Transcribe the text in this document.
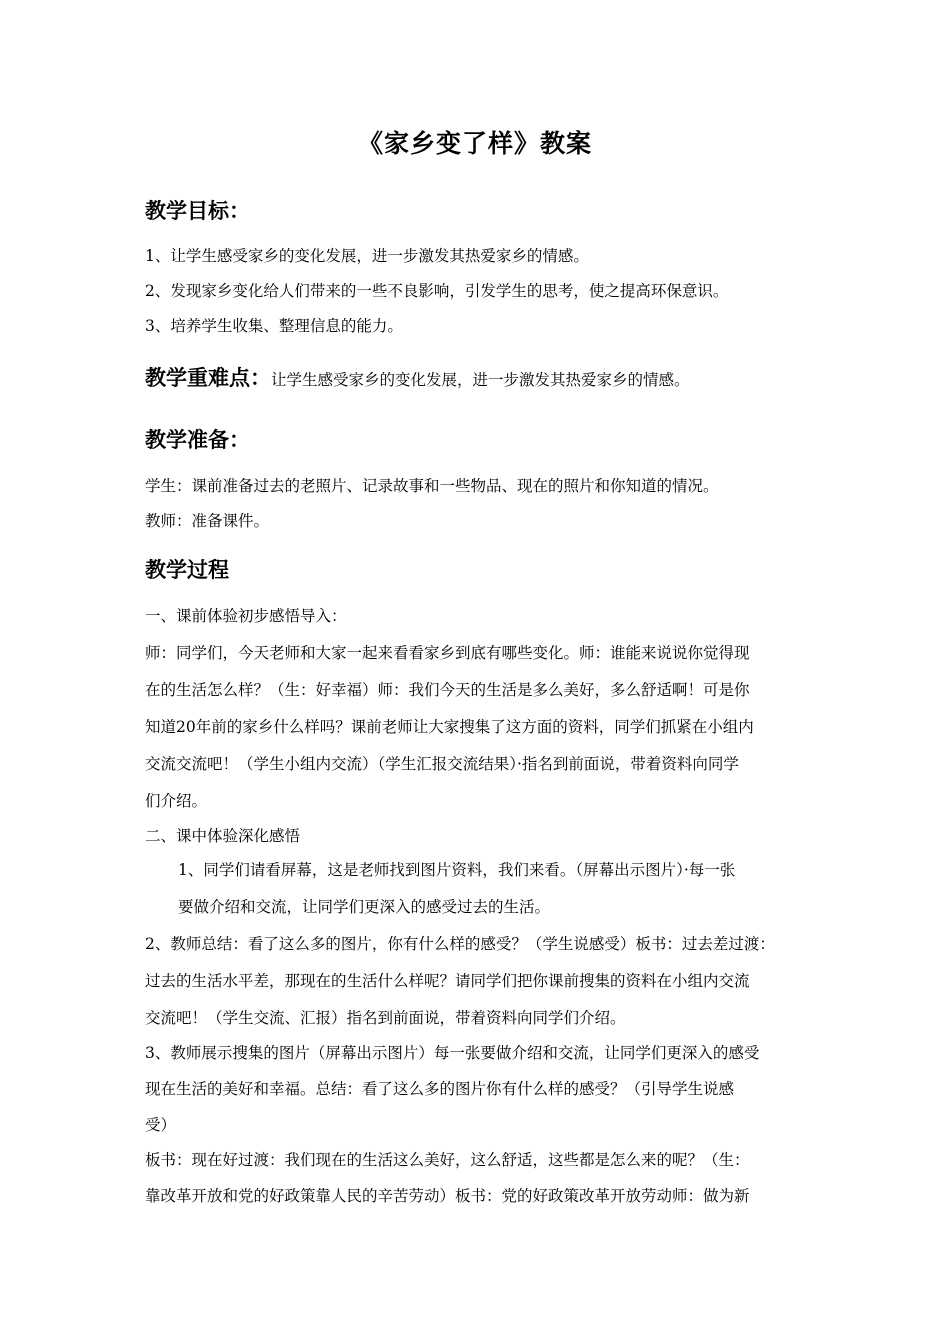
《家乡变了样》教案
教学目标：
1、让学生感受家乡的变化发展，进一步激发其热爱家乡的情感。
2、发现家乡变化给人们带来的一些不良影响，引发学生的思考，使之提高环保意识。
3、培养学生收集、整理信息的能力。
教学重难点：让学生感受家乡的变化发展，进一步激发其热爱家乡的情感。
教学准备：
学生：课前准备过去的老照片、记录故事和一些物品、现在的照片和你知道的情况。
教师：准备课件。
教学过程
一、课前体验初步感悟导入：
师：同学们，今天老师和大家一起来看看家乡到底有哪些变化。师：谁能来说说你觉得现
在的生活怎么样？（生：好幸福）师：我们今天的生活是多么美好，多么舒适啊！可是你
知道20年前的家乡什么样吗？课前老师让大家搜集了这方面的资料，同学们抓紧在小组内
交流交流吧！（学生小组内交流）（学生汇报交流结果）·指名到前面说，带着资料向同学
们介绍。
二、课中体验深化感悟
1、同学们请看屏幕，这是老师找到图片资料，我们来看。（屏幕出示图片）·每一张
要做介绍和交流，让同学们更深入的感受过去的生活。
2、教师总结：看了这么多的图片，你有什么样的感受？（学生说感受）板书：过去差过渡：
过去的生活水平差，那现在的生活什么样呢？请同学们把你课前搜集的资料在小组内交流
交流吧！（学生交流、汇报）指名到前面说，带着资料向同学们介绍。
3、教师展示搜集的图片（屏幕出示图片）每一张要做介绍和交流，让同学们更深入的感受
现在生活的美好和幸福。总结：看了这么多的图片你有什么样的感受？（引导学生说感
受）
板书：现在好过渡：我们现在的生活这么美好，这么舒适，这些都是怎么来的呢？（生：
靠改革开放和党的好政策靠人民的辛苦劳动）板书：党的好政策改革开放劳动师：做为新
